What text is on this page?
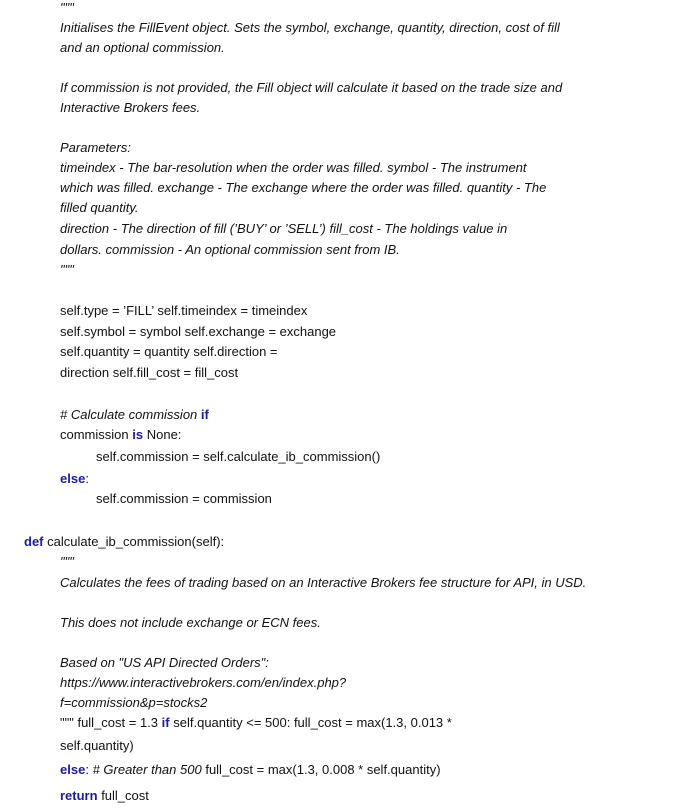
"""
Initialises the FillEvent object. Sets the symbol, exchange, quantity, direction, cost of fill
and an optional commission.
If commission is not provided, the Fill object will calculate it based on the trade size and
Interactive Brokers fees.
Parameters:
timeindex - The bar-resolution when the order was filled. symbol - The instrument
which was filled. exchange - The exchange where the order was filled. quantity - The
filled quantity.
direction - The direction of fill (’BUY’ or ’SELL’) fill_cost - The holdings value in
dollars. commission - An optional commission sent from IB.
"""
self.type = ’FILL’ self.timeindex = timeindex
self.symbol = symbol self.exchange = exchange
self.quantity = quantity self.direction =
direction self.fill_cost = fill_cost
# Calculate commission if
commission is None:
self.commission = self.calculate_ib_commission()
else:
self.commission = commission
def calculate_ib_commission(self):
"""
Calculates the fees of trading based on an Interactive Brokers fee structure for API, in USD.
This does not include exchange or ECN fees.
Based on "US API Directed Orders":
https://www.interactivebrokers.com/en/index.php?
f=commission&p=stocks2
""" full_cost = 1.3 if self.quantity <= 500: full_cost = max(1.3, 0.013 *
self.quantity)
else: # Greater than 500 full_cost = max(1.3, 0.008 * self.quantity)
return full_cost
